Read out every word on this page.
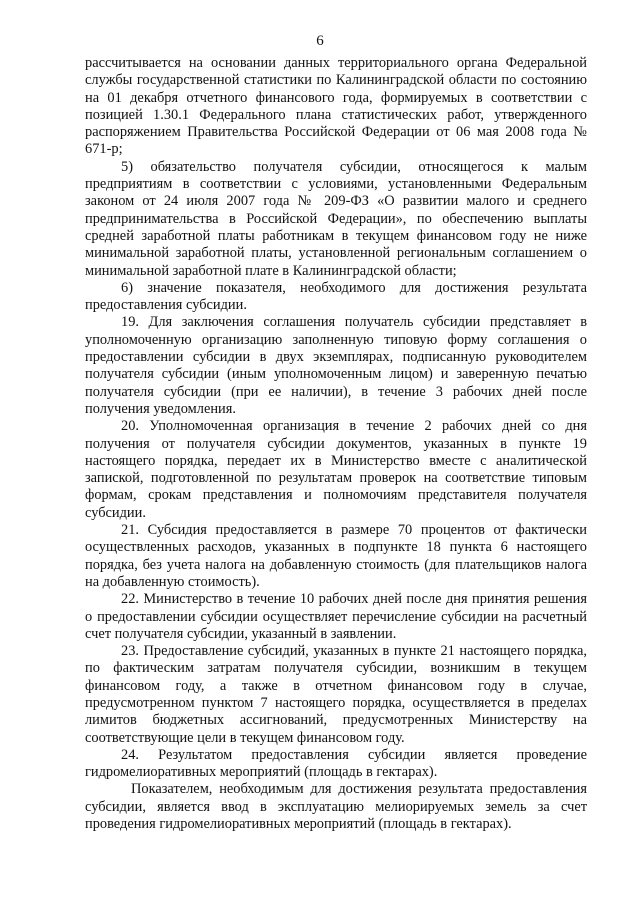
6

рассчитывается на основании данных территориального органа Федеральной службы государственной статистики по Калининградской области по состоянию на 01 декабря отчетного финансового года, формируемых в соответствии с позицией 1.30.1 Федерального плана статистических работ, утвержденного распоряжением Правительства Российской Федерации от 06 мая 2008 года № 671-р;

5) обязательство получателя субсидии, относящегося к малым предприятиям в соответствии с условиями, установленными Федеральным законом от 24 июля 2007 года № 209-ФЗ «О развитии малого и среднего предпринимательства в Российской Федерации», по обеспечению выплаты средней заработной платы работникам в текущем финансовом году не ниже минимальной заработной платы, установленной региональным соглашением о минимальной заработной плате в Калининградской области;

6) значение показателя, необходимого для достижения результата предоставления субсидии.

19. Для заключения соглашения получатель субсидии представляет в уполномоченную организацию заполненную типовую форму соглашения о предоставлении субсидии в двух экземплярах, подписанную руководителем получателя субсидии (иным уполномоченным лицом) и заверенную печатью получателя субсидии (при ее наличии), в течение 3 рабочих дней после получения уведомления.

20. Уполномоченная организация в течение 2 рабочих дней со дня получения от получателя субсидии документов, указанных в пункте 19 настоящего порядка, передает их в Министерство вместе с аналитической запиской, подготовленной по результатам проверок на соответствие типовым формам, срокам представления и полномочиям представителя получателя субсидии.

21. Субсидия предоставляется в размере 70 процентов от фактически осуществленных расходов, указанных в подпункте 18 пункта 6 настоящего порядка, без учета налога на добавленную стоимость (для плательщиков налога на добавленную стоимость).

22. Министерство в течение 10 рабочих дней после дня принятия решения о предоставлении субсидии осуществляет перечисление субсидии на расчетный счет получателя субсидии, указанный в заявлении.

23. Предоставление субсидий, указанных в пункте 21 настоящего порядка, по фактическим затратам получателя субсидии, возникшим в текущем финансовом году, а также в отчетном финансовом году в случае, предусмотренном пунктом 7 настоящего порядка, осуществляется в пределах лимитов бюджетных ассигнований, предусмотренных Министерству на соответствующие цели в текущем финансовом году.

24. Результатом предоставления субсидии является проведение гидромелиоративных мероприятий (площадь в гектарах).

Показателем, необходимым для достижения результата предоставления субсидии, является ввод в эксплуатацию мелиорируемых земель за счет проведения гидромелиоративных мероприятий (площадь в гектарах).
